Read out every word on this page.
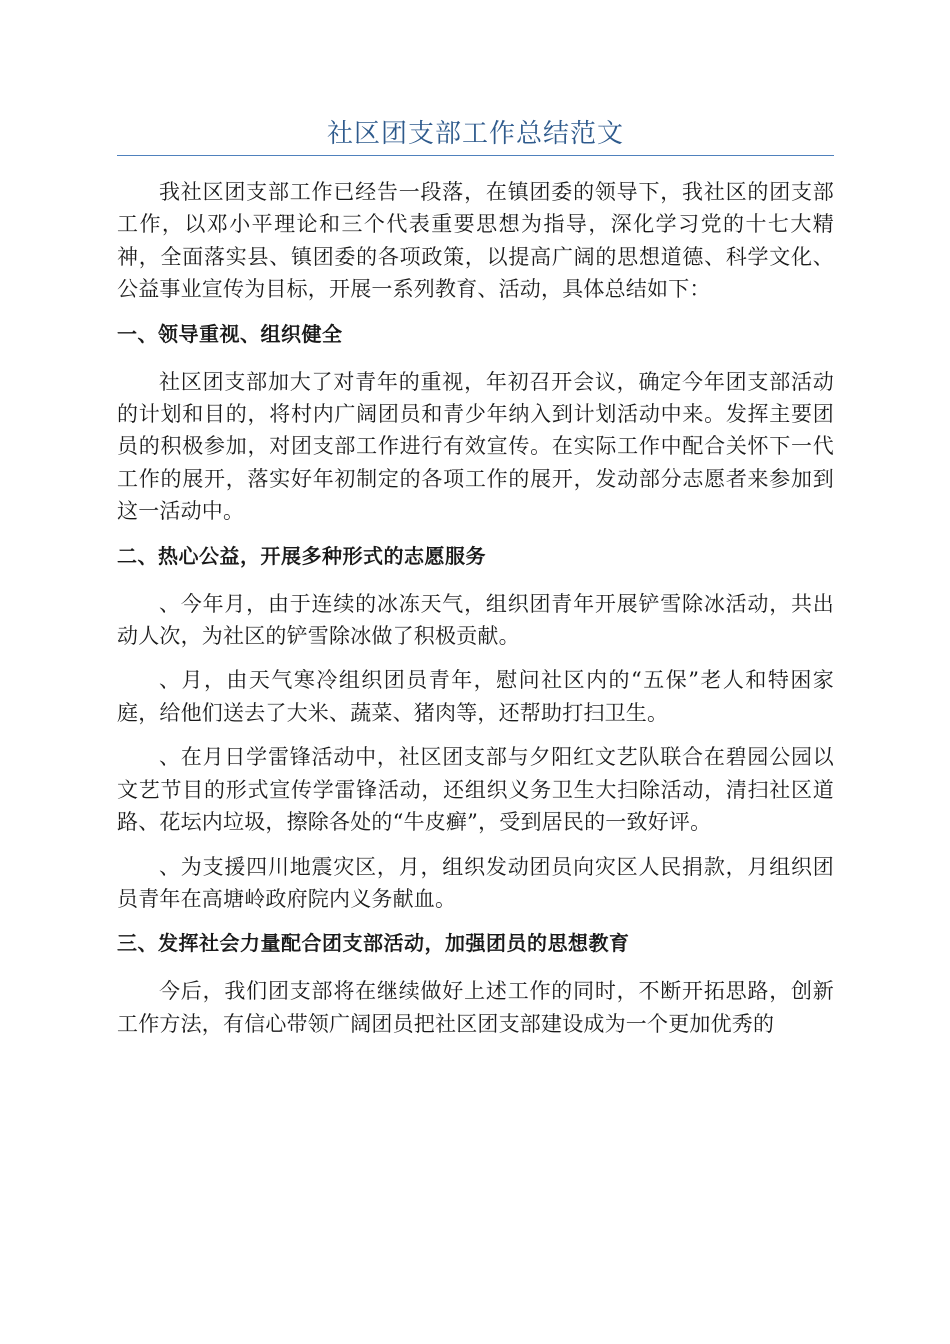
社区团支部工作总结范文

我社区团支部工作已经告一段落，在镇团委的领导下，我社区的团支部工作，以邓小平理论和三个代表重要思想为指导，深化学习党的十七大精神，全面落实县、镇团委的各项政策，以提高广阔的思想道德、科学文化、公益事业宣传为目标，开展一系列教育、活动，具体总结如下：

一、领导重视、组织健全

社区团支部加大了对青年的重视，年初召开会议，确定今年团支部活动的计划和目的，将村内广阔团员和青少年纳入到计划活动中来。发挥主要团员的积极参加，对团支部工作进行有效宣传。在实际工作中配合关怀下一代工作的展开，落实好年初制定的各项工作的展开，发动部分志愿者来参加到这一活动中。

二、热心公益，开展多种形式的志愿服务

、今年月，由于连续的冰冻天气，组织团青年开展铲雪除冰活动，共出动人次，为社区的铲雪除冰做了积极贡献。

、月，由天气寒冷组织团员青年，慰问社区内的“五保”老人和特困家庭，给他们送去了大米、蔬菜、猪肉等，还帮助打扫卫生。

、在月日学雷锋活动中，社区团支部与夕阳红文艺队联合在碧园公园以文艺节目的形式宣传学雷锋活动，还组织义务卫生大扫除活动，清扫社区道路、花坛内垃圾，擦除各处的“牛皮癣”，受到居民的一致好评。

、为支援四川地震灾区，月，组织发动团员向灾区人民捐款，月组织团员青年在高塘岭政府院内义务献血。

三、发挥社会力量配合团支部活动，加强团员的思想教育

今后，我们团支部将在继续做好上述工作的同时，不断开拓思路，创新工作方法，有信心带领广阔团员把社区团支部建设成为一个更加优秀的
